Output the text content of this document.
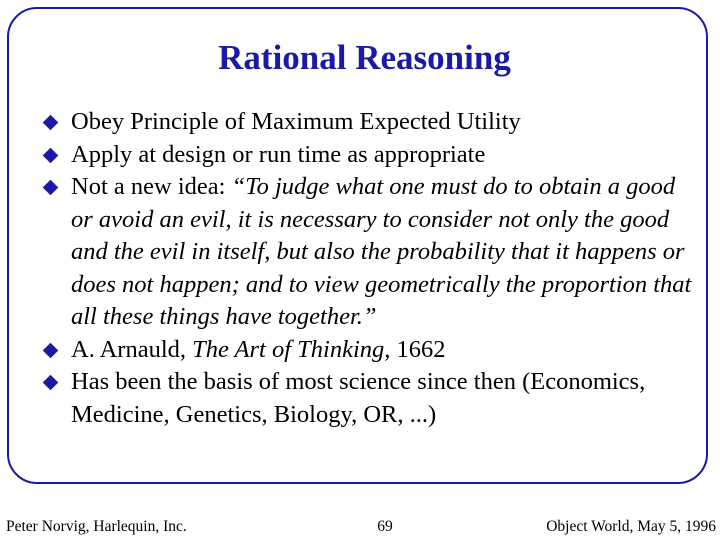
Rational Reasoning
Obey Principle of Maximum Expected Utility
Apply at design or run time as appropriate
Not a new idea: “To judge what one must do to obtain a good or avoid an evil, it is necessary to consider not only the good and the evil in itself, but also the probability that it happens or does not happen; and to view geometrically the proportion that all these things have together.”
A. Arnauld, The Art of Thinking, 1662
Has been the basis of most science since then (Economics, Medicine, Genetics, Biology, OR, ...)
Peter Norvig, Harlequin, Inc.	69	Object World, May 5, 1996
